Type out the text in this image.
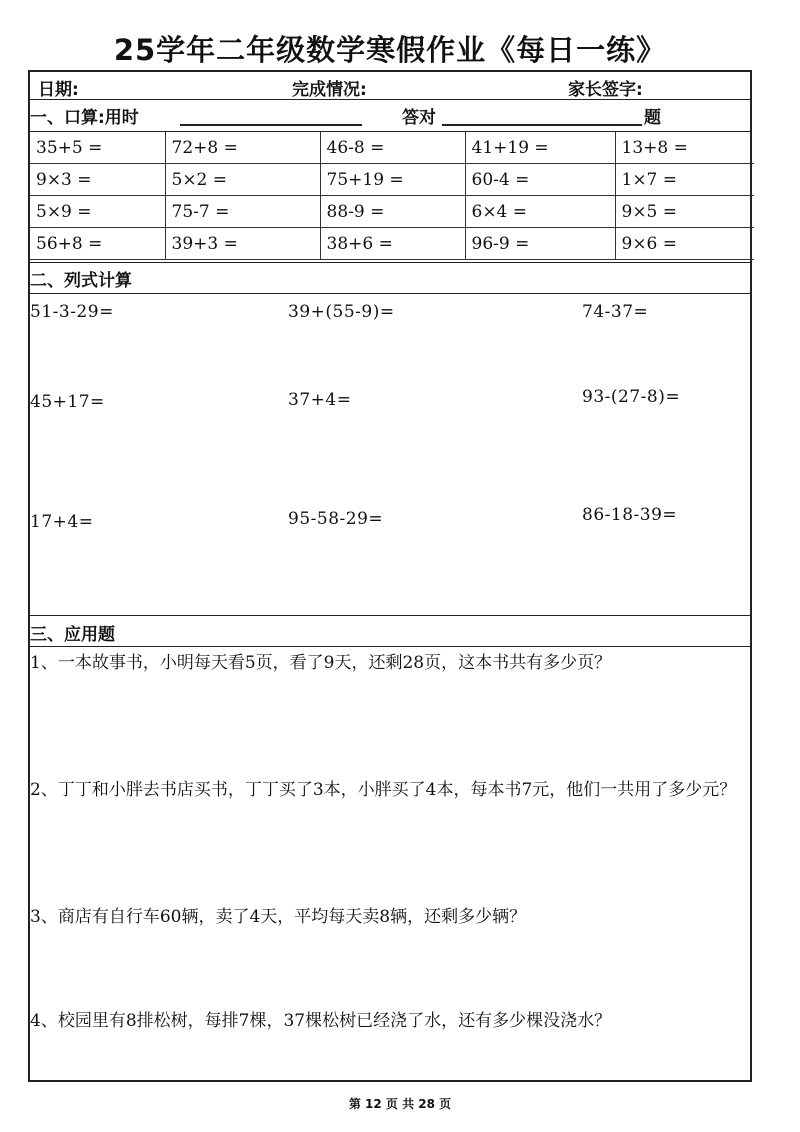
25学年二年级数学寒假作业《每日一练》
日期:	完成情况:	家长签字:
一、口算:用时	答对	题
35+5 =	72+8 =	46-8 =	41+19 =	13+8 =
9×3 =	5×2 =	75+19 =	60-4 =	1×7 =
5×9 =	75-7 =	88-9 =	6×4 =	9×5 =
56+8 =	39+3 =	38+6 =	96-9 =	9×6 =
二、列式计算
51-3-29=	39+(55-9)=	74-37=
45+17=	37+4=	93-(27-8)=
17+4=	95-58-29=	86-18-39=
三、应用题
1、一本故事书，小明每天看5页，看了9天，还剩28页，这本书共有多少页？
2、丁丁和小胖去书店买书，丁丁买了3本，小胖买了4本，每本书7元，他们一共用了多少元？
3、商店有自行车60辆，卖了4天，平均每天卖8辆，还剩多少辆？
4、校园里有8排松树，每排7棵，37棵松树已经浇了水，还有多少棵没浇水？
第 12 页 共 28 页
